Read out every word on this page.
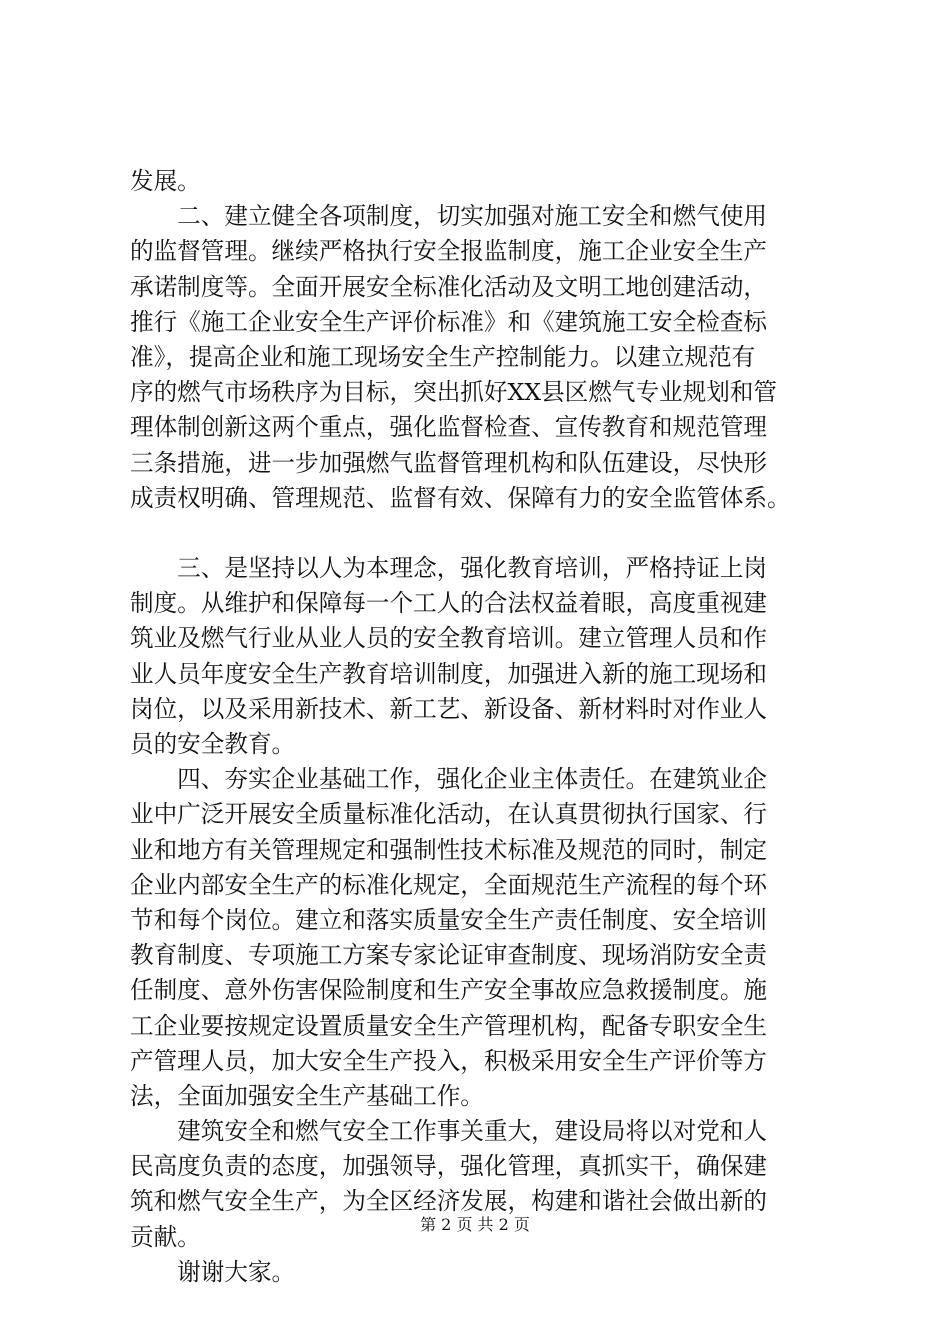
发展。
　　二、建立健全各项制度，切实加强对施工安全和燃气使用
的监督管理。继续严格执行安全报监制度，施工企业安全生产
承诺制度等。全面开展安全标准化活动及文明工地创建活动，
推行《施工企业安全生产评价标准》和《建筑施工安全检查标
准》，提高企业和施工现场安全生产控制能力。以建立规范有
序的燃气市场秩序为目标，突出抓好XX县区燃气专业规划和管
理体制创新这两个重点，强化监督检查、宣传教育和规范管理
三条措施，进一步加强燃气监督管理机构和队伍建设，尽快形
成责权明确、管理规范、监督有效、保障有力的安全监管体系。
　　三、是坚持以人为本理念，强化教育培训，严格持证上岗
制度。从维护和保障每一个工人的合法权益着眼，高度重视建
筑业及燃气行业从业人员的安全教育培训。建立管理人员和作
业人员年度安全生产教育培训制度，加强进入新的施工现场和
岗位，以及采用新技术、新工艺、新设备、新材料时对作业人
员的安全教育。
　　四、夯实企业基础工作，强化企业主体责任。在建筑业企
业中广泛开展安全质量标准化活动，在认真贯彻执行国家、行
业和地方有关管理规定和强制性技术标准及规范的同时，制定
企业内部安全生产的标准化规定，全面规范生产流程的每个环
节和每个岗位。建立和落实质量安全生产责任制度、安全培训
教育制度、专项施工方案专家论证审查制度、现场消防安全责
任制度、意外伤害保险制度和生产安全事故应急救援制度。施
工企业要按规定设置质量安全生产管理机构，配备专职安全生
产管理人员，加大安全生产投入，积极采用安全生产评价等方
法，全面加强安全生产基础工作。
　　建筑安全和燃气安全工作事关重大，建设局将以对党和人
民高度负责的态度，加强领导，强化管理，真抓实干，确保建
筑和燃气安全生产，为全区经济发展，构建和谐社会做出新的
贡献。
　　谢谢大家。
第 2 页 共 2 页
